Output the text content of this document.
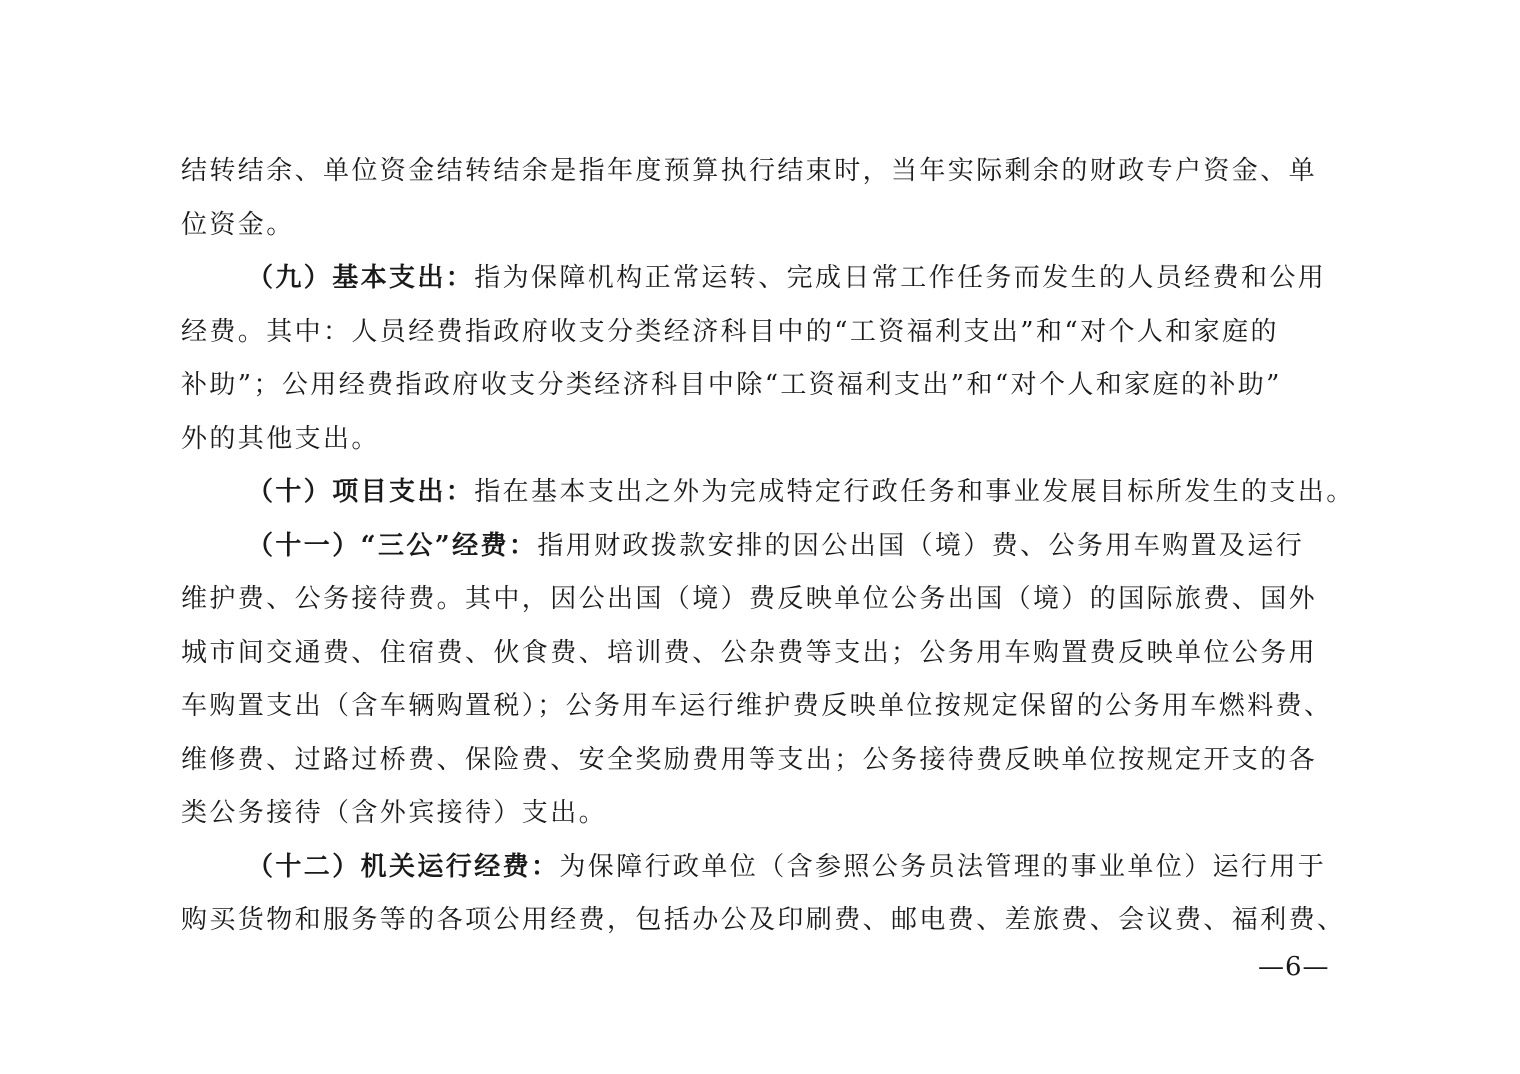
结转结余、单位资金结转结余是指年度预算执行结束时，当年实际剩余的财政专户资金、单
位资金。
（九）基本支出：指为保障机构正常运转、完成日常工作任务而发生的人员经费和公用
经费。其中：人员经费指政府收支分类经济科目中的“工资福利支出”和“对个人和家庭的
补助”；公用经费指政府收支分类经济科目中除“工资福利支出”和“对个人和家庭的补助”
外的其他支出。
（十）项目支出：指在基本支出之外为完成特定行政任务和事业发展目标所发生的支出。
（十一）“三公”经费：指用财政拨款安排的因公出国（境）费、公务用车购置及运行
维护费、公务接待费。其中，因公出国（境）费反映单位公务出国（境）的国际旅费、国外
城市间交通费、住宿费、伙食费、培训费、公杂费等支出；公务用车购置费反映单位公务用
车购置支出（含车辆购置税）；公务用车运行维护费反映单位按规定保留的公务用车燃料费、
维修费、过路过桥费、保险费、安全奖励费用等支出；公务接待费反映单位按规定开支的各
类公务接待（含外宾接待）支出。
（十二）机关运行经费：为保障行政单位（含参照公务员法管理的事业单位）运行用于
购买货物和服务等的各项公用经费，包括办公及印刷费、邮电费、差旅费、会议费、福利费、
—6—
